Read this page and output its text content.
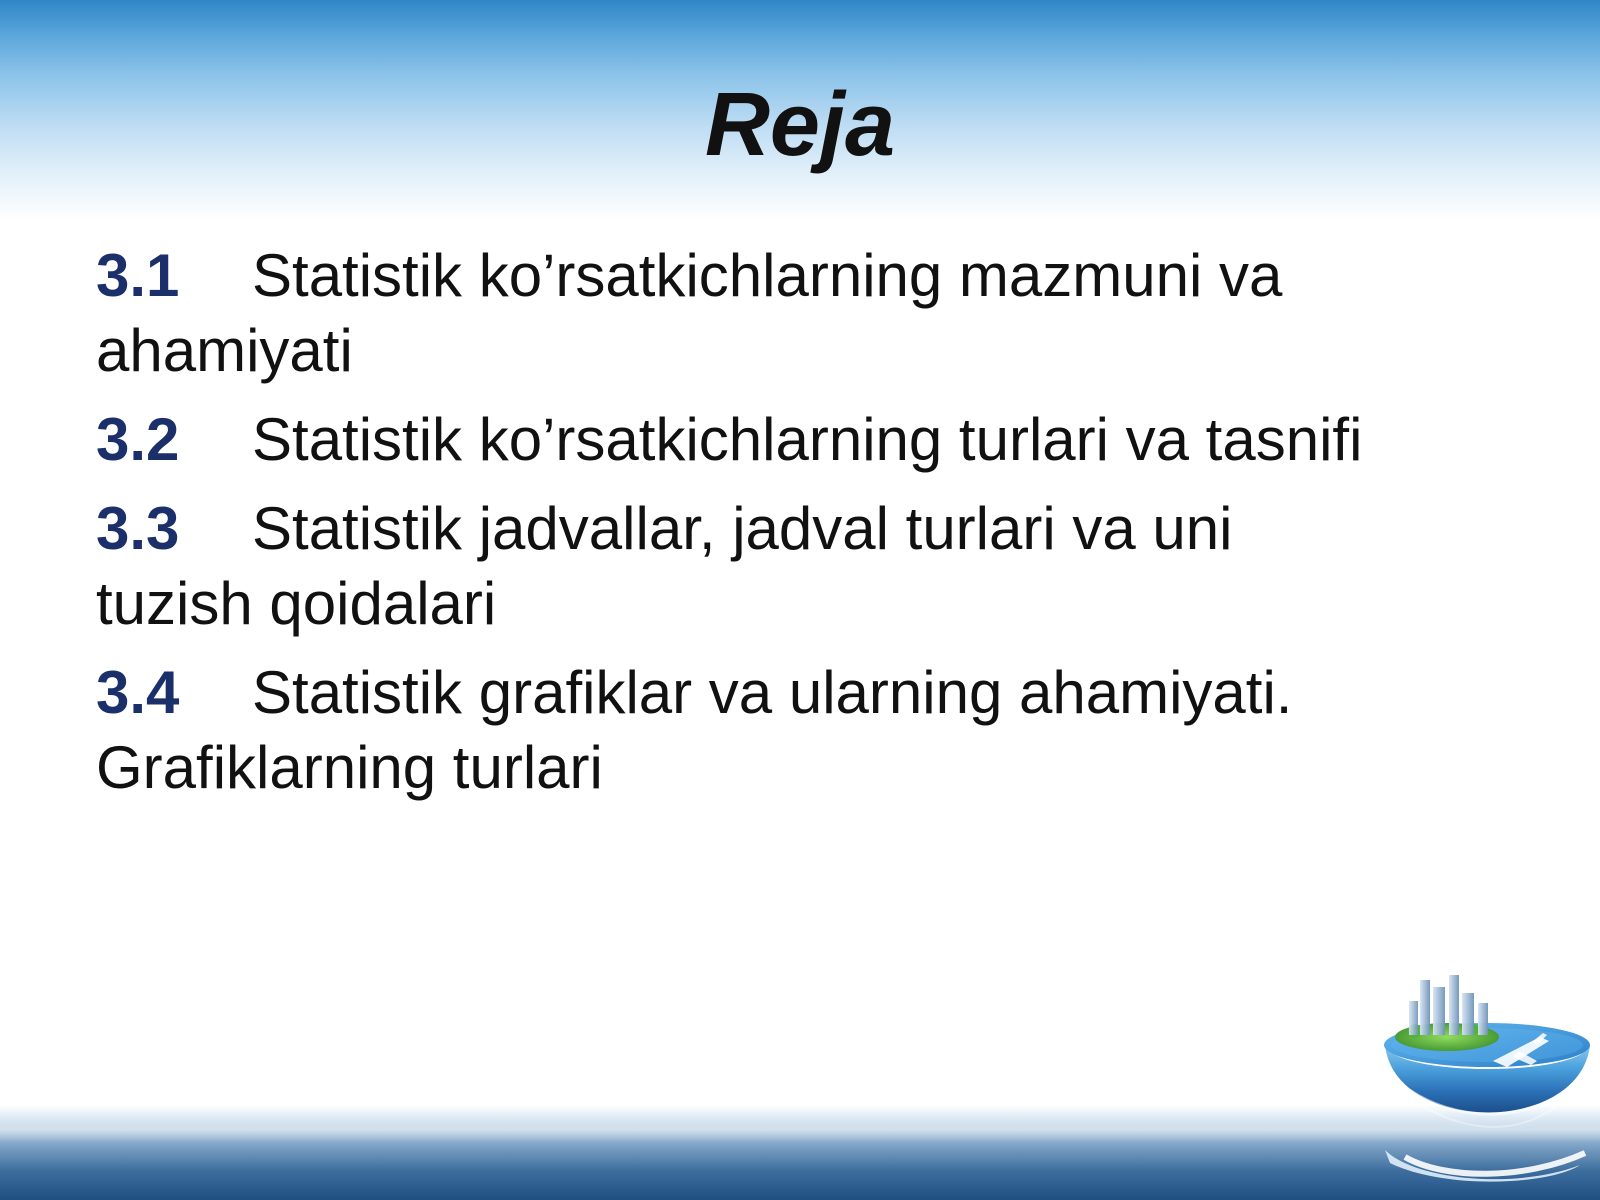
Reja
3.1 Statistik ko’rsatkichlarning mazmuni va ahamiyati
3.2 Statistik ko’rsatkichlarning turlari va tasnifi
3.3 Statistik jadvallar, jadval turlari va uni tuzish qoidalari
3.4 Statistik grafiklar va ularning ahamiyati. Grafiklarning turlari
